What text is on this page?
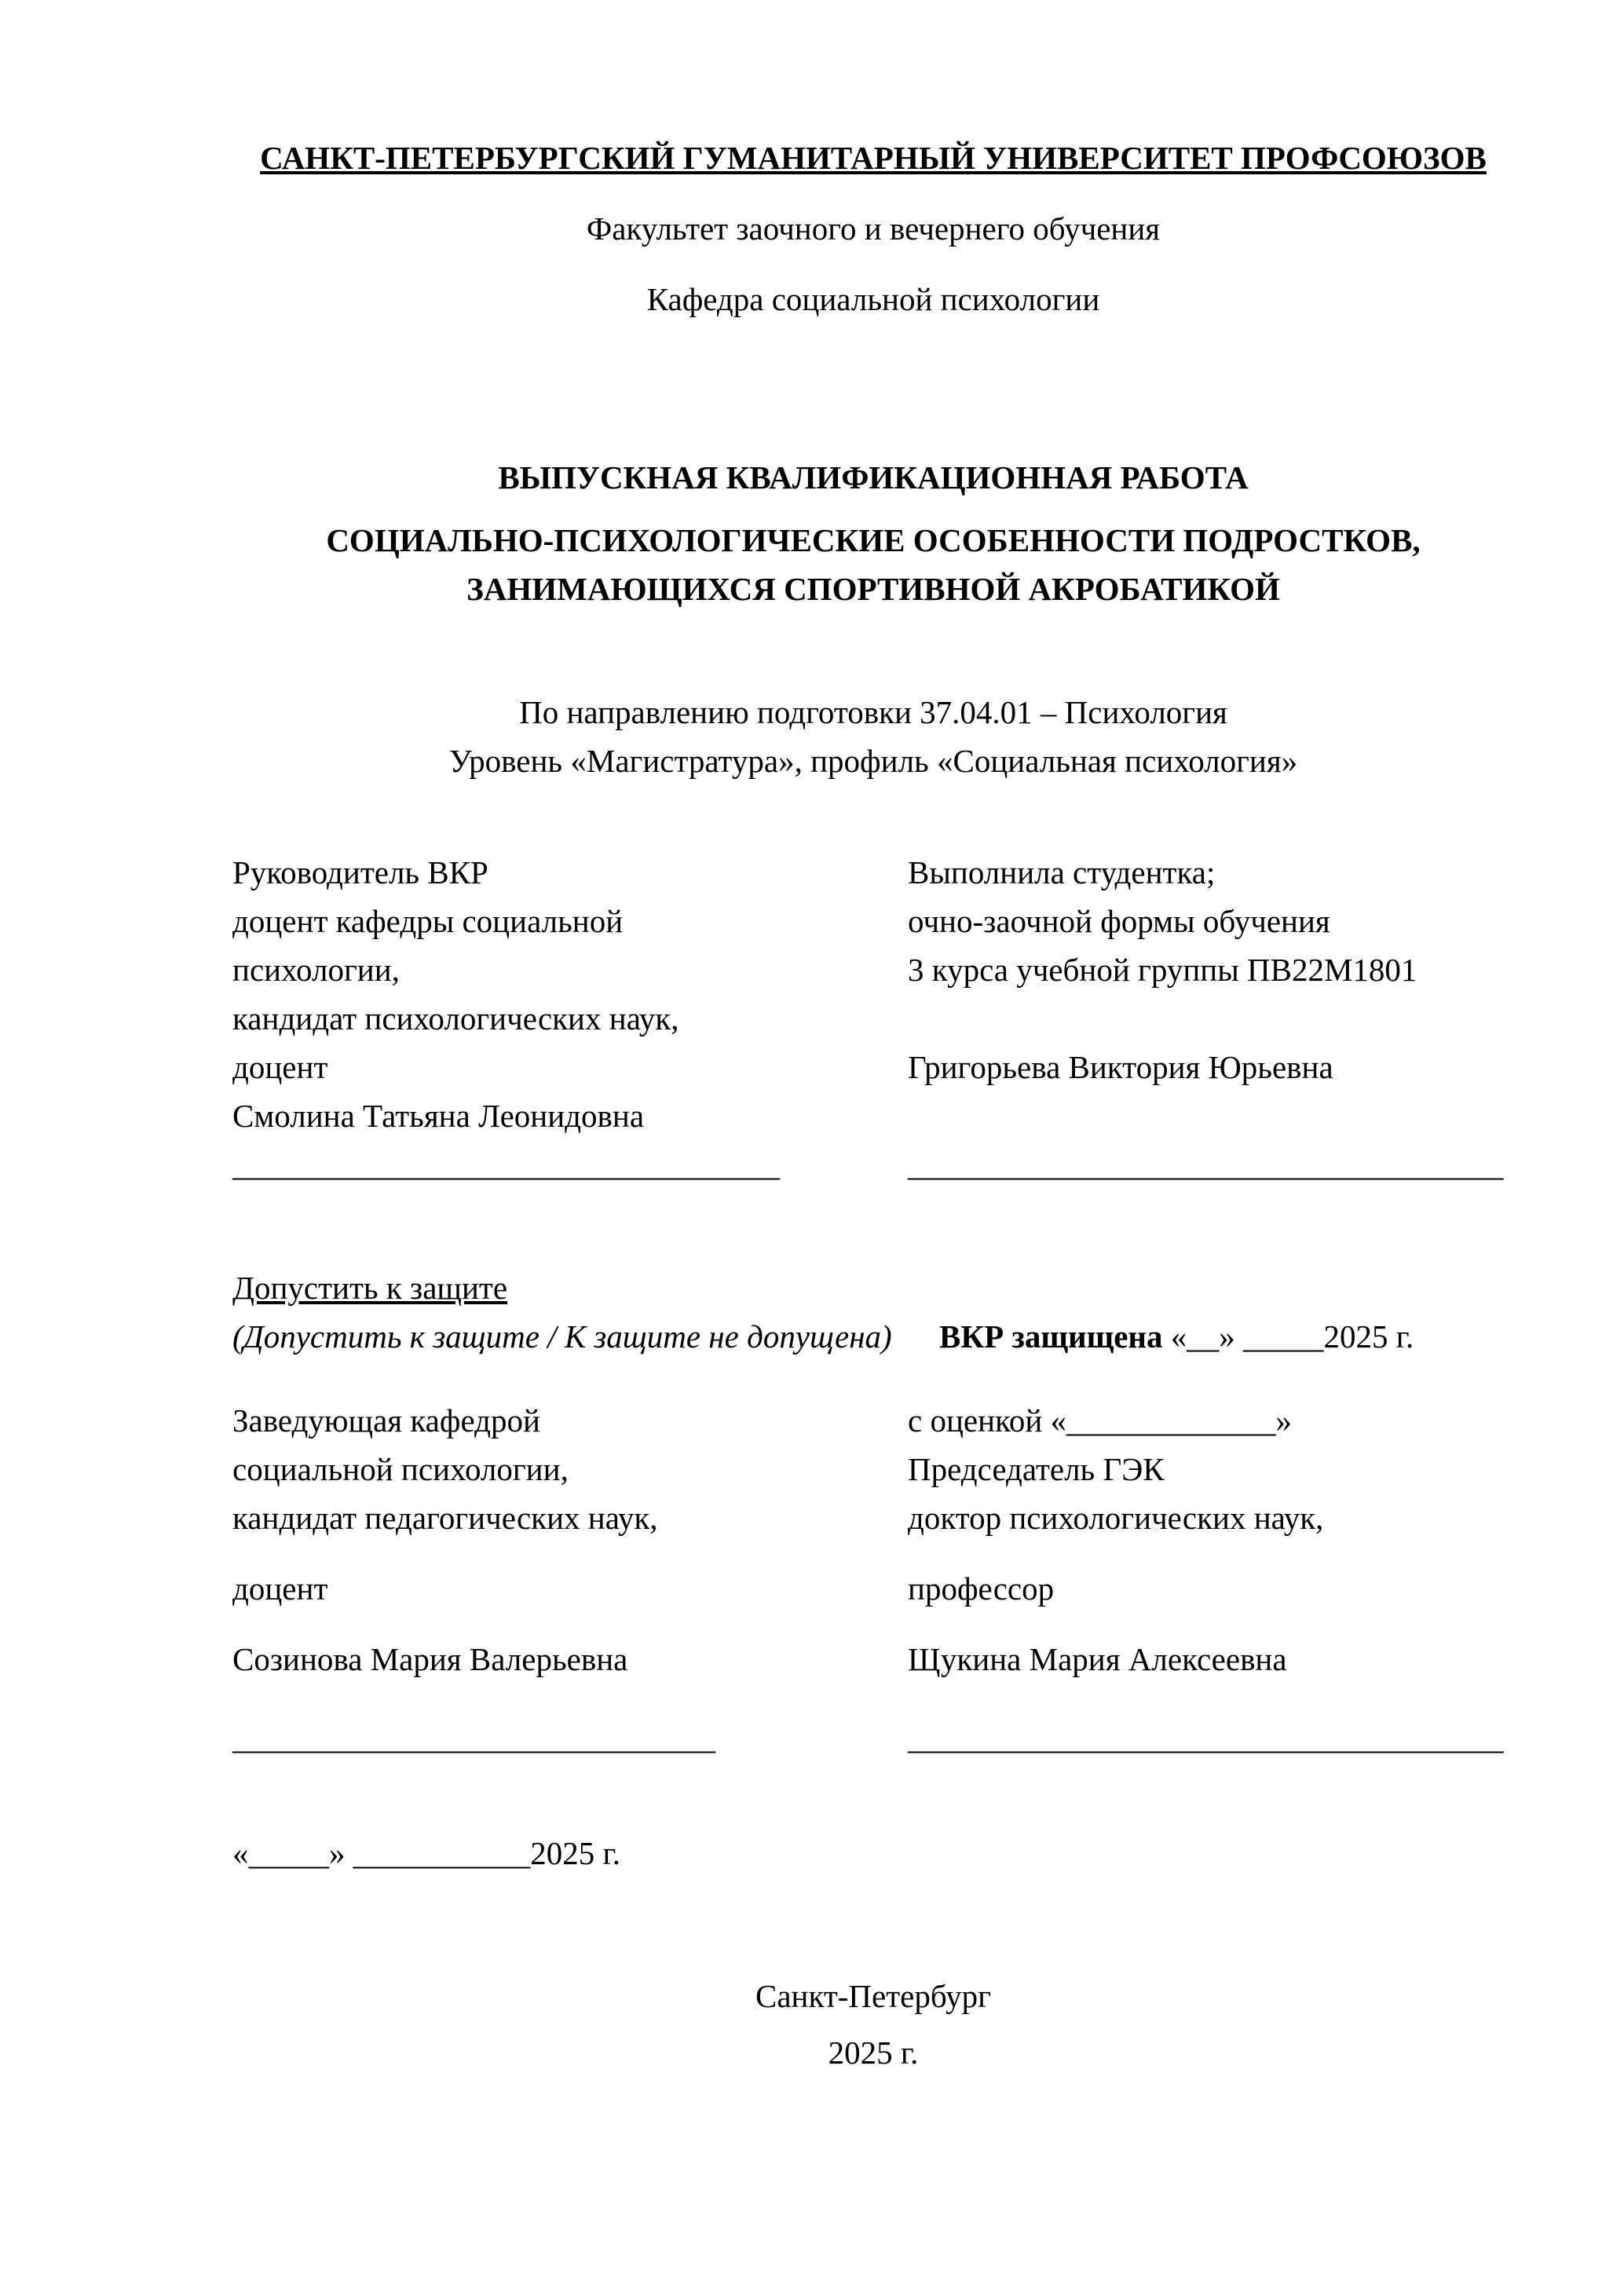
САНКТ-ПЕТЕРБУРГСКИЙ ГУМАНИТАРНЫЙ УНИВЕРСИТЕТ ПРОФСОЮЗОВ
Факультет заочного и вечернего обучения
Кафедра социальной психологии
ВЫПУСКНАЯ КВАЛИФИКАЦИОННАЯ РАБОТА
СОЦИАЛЬНО-ПСИХОЛОГИЧЕСКИЕ ОСОБЕННОСТИ ПОДРОСТКОВ,
ЗАНИМАЮЩИХСЯ СПОРТИВНОЙ АКРОБАТИКОЙ
По направлению подготовки 37.04.01 – Психология
Уровень «Магистратура», профиль «Социальная психология»
Руководитель ВКР
доцент кафедры социальной
психологии,
кандидат психологических наук,
доцент
Смолина Татьяна Леонидовна
__________________________________
Выполнила студентка;
очно-заочной формы обучения
3 курса учебной группы ПВ22М1801
Григорьева Виктория Юрьевна
_____________________________________
Допустить к защите
(Допустить к защите / К защите не допущена)	ВКР защищена «__» _____2025 г.
Заведующая кафедрой
социальной психологии,
кандидат педагогических наук,
доцент
Созинова Мария Валерьевна
______________________________
с оценкой «_____________»
Председатель ГЭК
доктор психологических наук,
профессор
Щукина Мария Алексеевна
_____________________________________
«_____» ___________2025 г.
Санкт-Петербург
2025 г.
